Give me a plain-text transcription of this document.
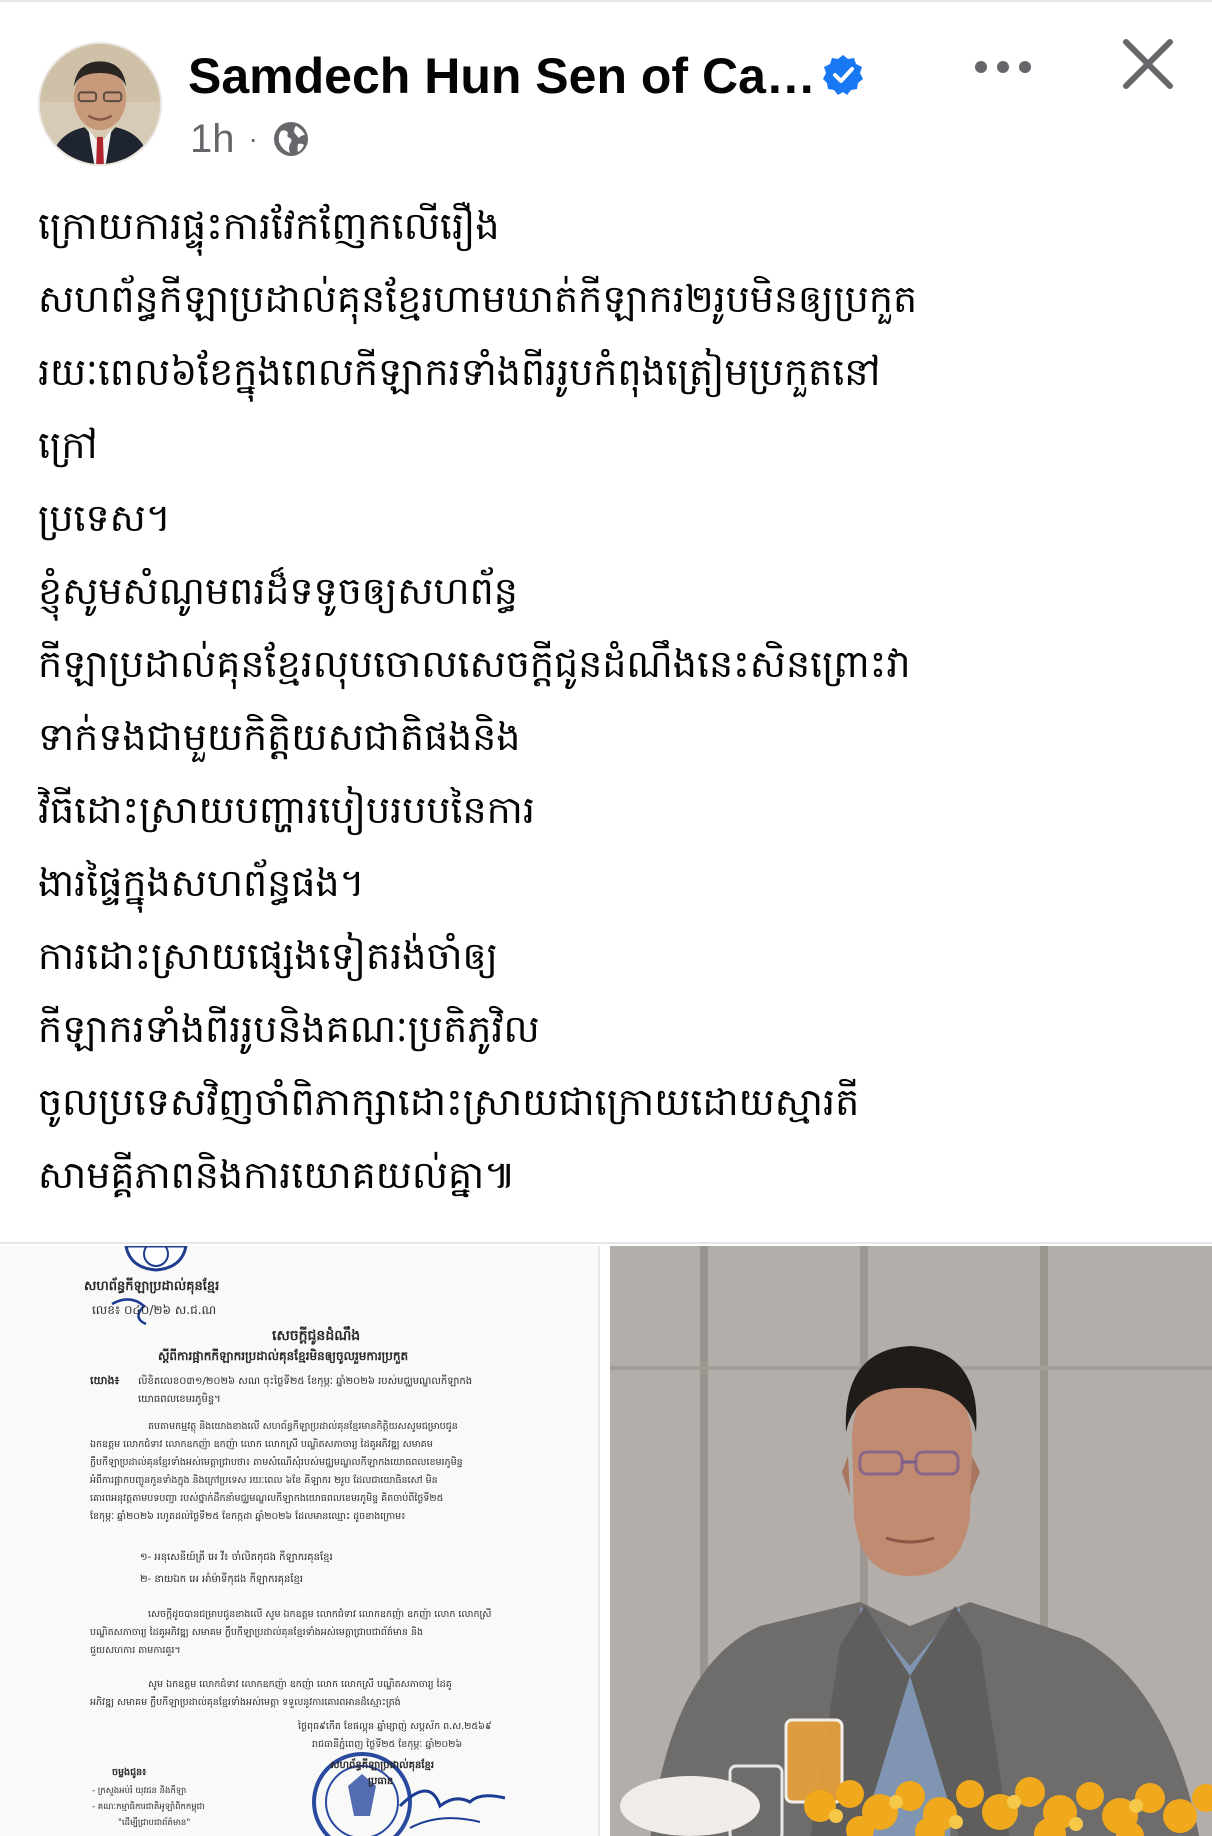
Samdech Hun Sen of Ca…
1h ·
ក្រោយការផ្ទុះការវែកញែកលើរឿង
សហព័ន្ធកីឡាប្រដាល់គុនខ្មែរហាមឃាត់កីឡាករ២រូបមិនឲ្យប្រកួត
រយៈពេល៦ខែក្នុងពេលកីឡាករទាំងពីររូបកំពុងត្រៀមប្រកួតនៅ
ក្រៅ
ប្រទេស។
ខ្ញុំសូមសំណូមពរដ៏ទទូចឲ្យសហព័ន្ធ
កីឡាប្រដាល់គុនខ្មែរលុបចោលសេចក្ដីជូនដំណឹងនេះសិនព្រោះវា
ទាក់ទងជាមួយកិត្តិយសជាតិផងនិង
វិធីដោះស្រាយបញ្ហារបៀបរបបនៃការ
ងារផ្ទៃក្នុងសហព័ន្ធផង។
ការដោះស្រាយផ្សេងទៀតរង់ចាំឲ្យ
កីឡាករទាំងពីររូបនិងគណៈប្រតិភូវិល
ចូលប្រទេសវិញចាំពិភាក្សាដោះស្រាយជាក្រោយដោយស្មារតី
សាមគ្គីភាពនិងការយោគយល់គ្នា៕
សហព័ន្ធកីឡាប្រដាល់គុនខ្មែរ
លេខ៖ ០៤០/២៦ ស.ជ.ណ
សេចក្ដីជូនដំណឹង
ស្ដីពីការផ្អាកកីឡាករប្រដាល់គុនខ្មែរមិនឲ្យចូលរួមការប្រកួត
យោង៖ លិខិតលេខ០៣១/២០២៦ សណ ចុះថ្ងៃទី២៥ ខែកុម្ភៈ ឆ្នាំ២០២៦ របស់មជ្ឈមណ្ឌលកីឡាកង
យោធពលខេមរភូមិន្ទ។
តបតាមកម្មវត្ថុ និងយោងខាងលើ សហព័ន្ធកីឡាប្រដាល់គុនខ្មែរមានកិត្តិយសសូមជម្រាបជូន
ឯកឧត្តម លោកជំទាវ លោកឧកញ៉ា ឧកញ៉ា លោក លោកស្រី បណ្ឌិតសភាចារ្យ ដៃគូអភិវឌ្ឍ សមាគម
ក្លឹបកីឡាប្រដាល់គុនខ្មែរទាំងអស់មេត្តាជ្រាបថា៖ តាមសំណើសុំរបស់មជ្ឈមណ្ឌលកីឡាកងយោធពលខេមរភូមិន្ទ
អំពីការផ្អាកបញ្ចូនកូនទាំងក្នុង និងក្រៅប្រទេស រយៈពេល ៦ខែ គីឡាករ ២រូប ដែលជាយោធិនសៅ មិន
គោរពអនុវត្តតាមបទបញ្ជា របស់ថ្នាក់ដឹកនាំមជ្ឈមណ្ឌលកីឡាកងយោធពលខេមរភូមិន្ទ គិតចាប់ពីថ្ងៃទី២៥
ខែកុម្ភៈ ឆ្នាំ២០២៦ រហូតដល់ថ្ងៃទី២៥ ខែកក្កដា ឆ្នាំ២០២៦ ដែលមានឈ្មោះ ដូចខាងក្រោម៖
១- អនុសេនីយ៍ត្រី អេ វី៖ ចាំលិតកុជង កីឡាករគុនខ្មែរ
២- នាយឯក អេ អាំម៉ាទីកុជង កីឡាករគុនខ្មែរ
សេចក្ដីដូចបានជម្រាបជូនខាងលើ សូម ឯកឧត្តម លោកជំទាវ លោកឧកញ៉ា ឧកញ៉ា លោក លោកស្រី
បណ្ឌិតសភាចារ្យ ដៃគូអភិវឌ្ឍ សមាគម ក្លឹបកីឡាប្រដាល់គុនខ្មែរទាំងអស់មេត្តាជ្រាបជាព័ត៌មាន និង
ជួយសហការ តាមការគួរ។
សូម ឯកឧត្តម លោកជំទាវ លោកឧកញ៉ា ឧកញ៉ា លោក លោកស្រី បណ្ឌិតសភាចារ្យ ដៃគូ
អភិវឌ្ឍ សមាគម ក្លឹបកីឡាប្រដាល់គុនខ្មែរទាំងអស់មេត្តា ទទួលនូវការគោរពអានដ៏ស្មោះត្រង់
ថ្ងៃពុធ៩កើត ខែផល្គុន ឆ្នាំម្សាញ់ សប្តស័ក ព.ស.២៥៦៩
រាជធានីភ្នំពេញ ថ្ងៃទី២៥ ខែកុម្ភៈ ឆ្នាំ២០២៦
សហព័ន្ធកីឡាប្រដាល់គុនខ្មែរ
ប្រធាន
ចម្លងជូន៖
- ក្រសួងអប់រំ យុវជន និងកីឡា
- គណៈកម្មាធិការជាតិអូឡាំពិកកម្ពុជា
"ដើម្បីជ្រាបជាព័ត៌មាន"
